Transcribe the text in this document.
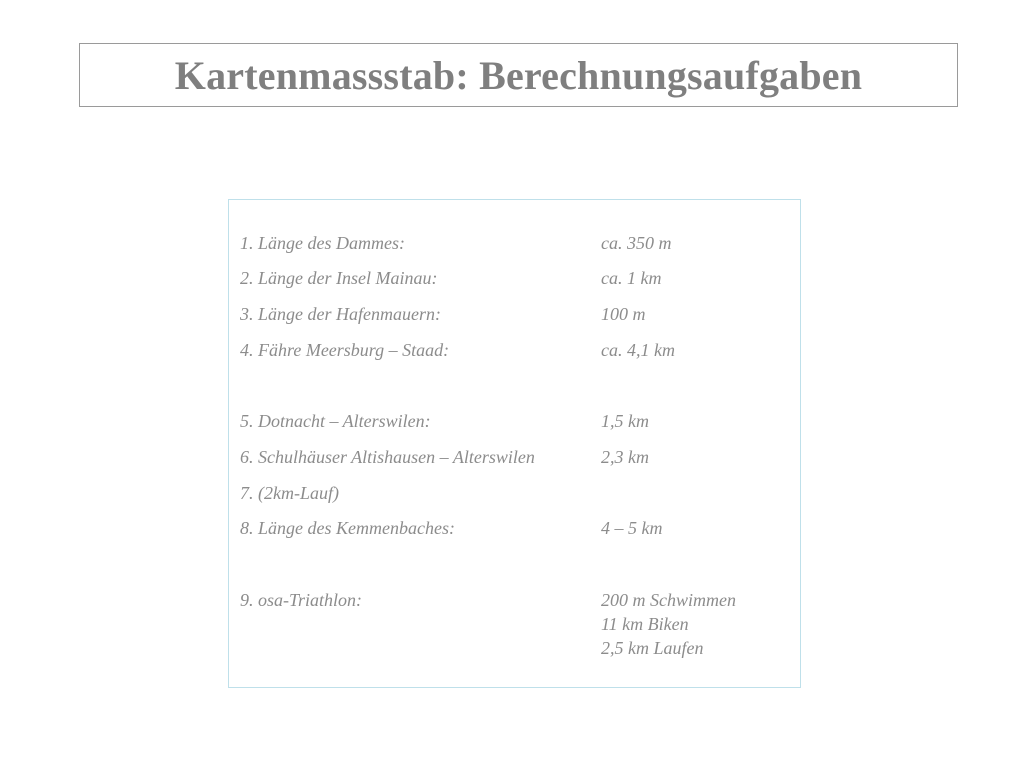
Kartenmassstab: Berechnungsaufgaben
1. Länge des Dammes:	ca. 350 m
2. Länge der Insel Mainau:	ca. 1 km
3. Länge der Hafenmauern:	100 m
4. Fähre Meersburg – Staad:	ca. 4,1 km
5. Dotnacht – Alterswilen:	1,5 km
6. Schulhäuser Altishausen – Alterswilen	2,3 km
7. (2km-Lauf)
8. Länge des Kemmenbaches:	4 – 5 km
9. osa-Triathlon:	200 m Schwimmen
11 km Biken
2,5 km Laufen
